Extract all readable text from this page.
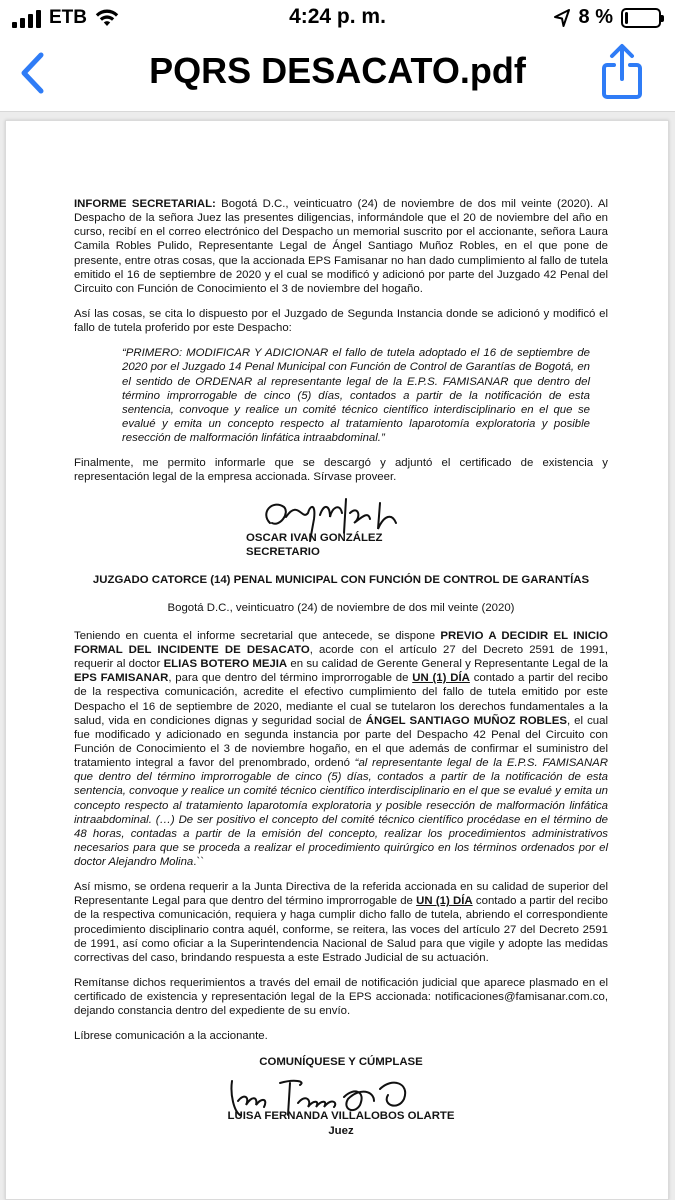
ETB	4:24 p. m.	8 %
PQRS DESACATO.pdf

INFORME SECRETARIAL: Bogotá D.C., veinticuatro (24) de noviembre de dos mil veinte (2020). Al Despacho de la señora Juez las presentes diligencias, informándole que el 20 de noviembre del año en curso, recibí en el correo electrónico del Despacho un memorial suscrito por el accionante, señora Laura Camila Robles Pulido, Representante Legal de Ángel Santiago Muñoz Robles, en el que pone de presente, entre otras cosas, que la accionada EPS Famisanar no han dado cumplimiento al fallo de tutela emitido el 16 de septiembre de 2020 y el cual se modificó y adicionó por parte del Juzgado 42 Penal del Circuito con Función de Conocimiento el 3 de noviembre del hogaño.

Así las cosas, se cita lo dispuesto por el Juzgado de Segunda Instancia donde se adicionó y modificó el fallo de tutela proferido por este Despacho:

“PRIMERO: MODIFICAR Y ADICIONAR el fallo de tutela adoptado el 16 de septiembre de 2020 por el Juzgado 14 Penal Municipal con Función de Control de Garantías de Bogotá, en el sentido de ORDENAR al representante legal de la E.P.S. FAMISANAR que dentro del término improrrogable de cinco (5) días, contados a partir de la notificación de esta sentencia, convoque y realice un comité técnico científico interdisciplinario en el que se evalué y emita un concepto respecto al tratamiento laparotomía exploratoria y posible resección de malformación linfática intraabdominal.”

Finalmente, me permito informarle que se descargó y adjuntó el certificado de existencia y representación legal de la empresa accionada. Sírvase proveer.

OSCAR IVAN GONZÁLEZ
SECRETARIO
JUZGADO CATORCE (14) PENAL MUNICIPAL CON FUNCIÓN DE CONTROL DE GARANTÍAS
Bogotá D.C., veinticuatro (24) de noviembre de dos mil veinte (2020)

Teniendo en cuenta el informe secretarial que antecede, se dispone PREVIO A DECIDIR EL INICIO FORMAL DEL INCIDENTE DE DESACATO, acorde con el artículo 27 del Decreto 2591 de 1991, requerir al doctor ELIAS BOTERO MEJIA en su calidad de Gerente General y Representante Legal de la EPS FAMISANAR, para que dentro del término improrrogable de UN (1) DÍA contado a partir del recibo de la respectiva comunicación, acredite el efectivo cumplimiento del fallo de tutela emitido por este Despacho el 16 de septiembre de 2020, mediante el cual se tutelaron los derechos fundamentales a la salud, vida en condiciones dignas y seguridad social de ÁNGEL SANTIAGO MUÑOZ ROBLES, el cual fue modificado y adicionado en segunda instancia por parte del Despacho 42 Penal del Circuito con Función de Conocimiento el 3 de noviembre hogaño, en el que además de confirmar el suministro del tratamiento integral a favor del prenombrado, ordenó “al representante legal de la E.P.S. FAMISANAR que dentro del término improrrogable de cinco (5) días, contados a partir de la notificación de esta sentencia, convoque y realice un comité técnico científico interdisciplinario en el que se evalué y emita un concepto respecto al tratamiento laparotomía exploratoria y posible resección de malformación linfática intraabdominal. (…) De ser positivo el concepto del comité técnico científico procédase en el término de 48 horas, contadas a partir de la emisión del concepto, realizar los procedimientos administrativos necesarios para que se proceda a realizar el procedimiento quirúrgico en los términos ordenados por el doctor Alejandro Molina.``

Así mismo, se ordena requerir a la Junta Directiva de la referida accionada en su calidad de superior del Representante Legal para que dentro del término improrrogable de UN (1) DÍA contado a partir del recibo de la respectiva comunicación, requiera y haga cumplir dicho fallo de tutela, abriendo el correspondiente procedimiento disciplinario contra aquél, conforme, se reitera, las voces del artículo 27 del Decreto 2591 de 1991, así como oficiar a la Superintendencia Nacional de Salud para que vigile y adopte las medidas correctivas del caso, brindando respuesta a este Estrado Judicial de su actuación.

Remítanse dichos requerimientos a través del email de notificación judicial que aparece plasmado en el certificado de existencia y representación legal de la EPS accionada: notificaciones@famisanar.com.co, dejando constancia dentro del expediente de su envío.

Líbrese comunicación a la accionante.

COMUNÍQUESE Y CÚMPLASE
LUISA FERNANDA VILLALOBOS OLARTE
Juez
